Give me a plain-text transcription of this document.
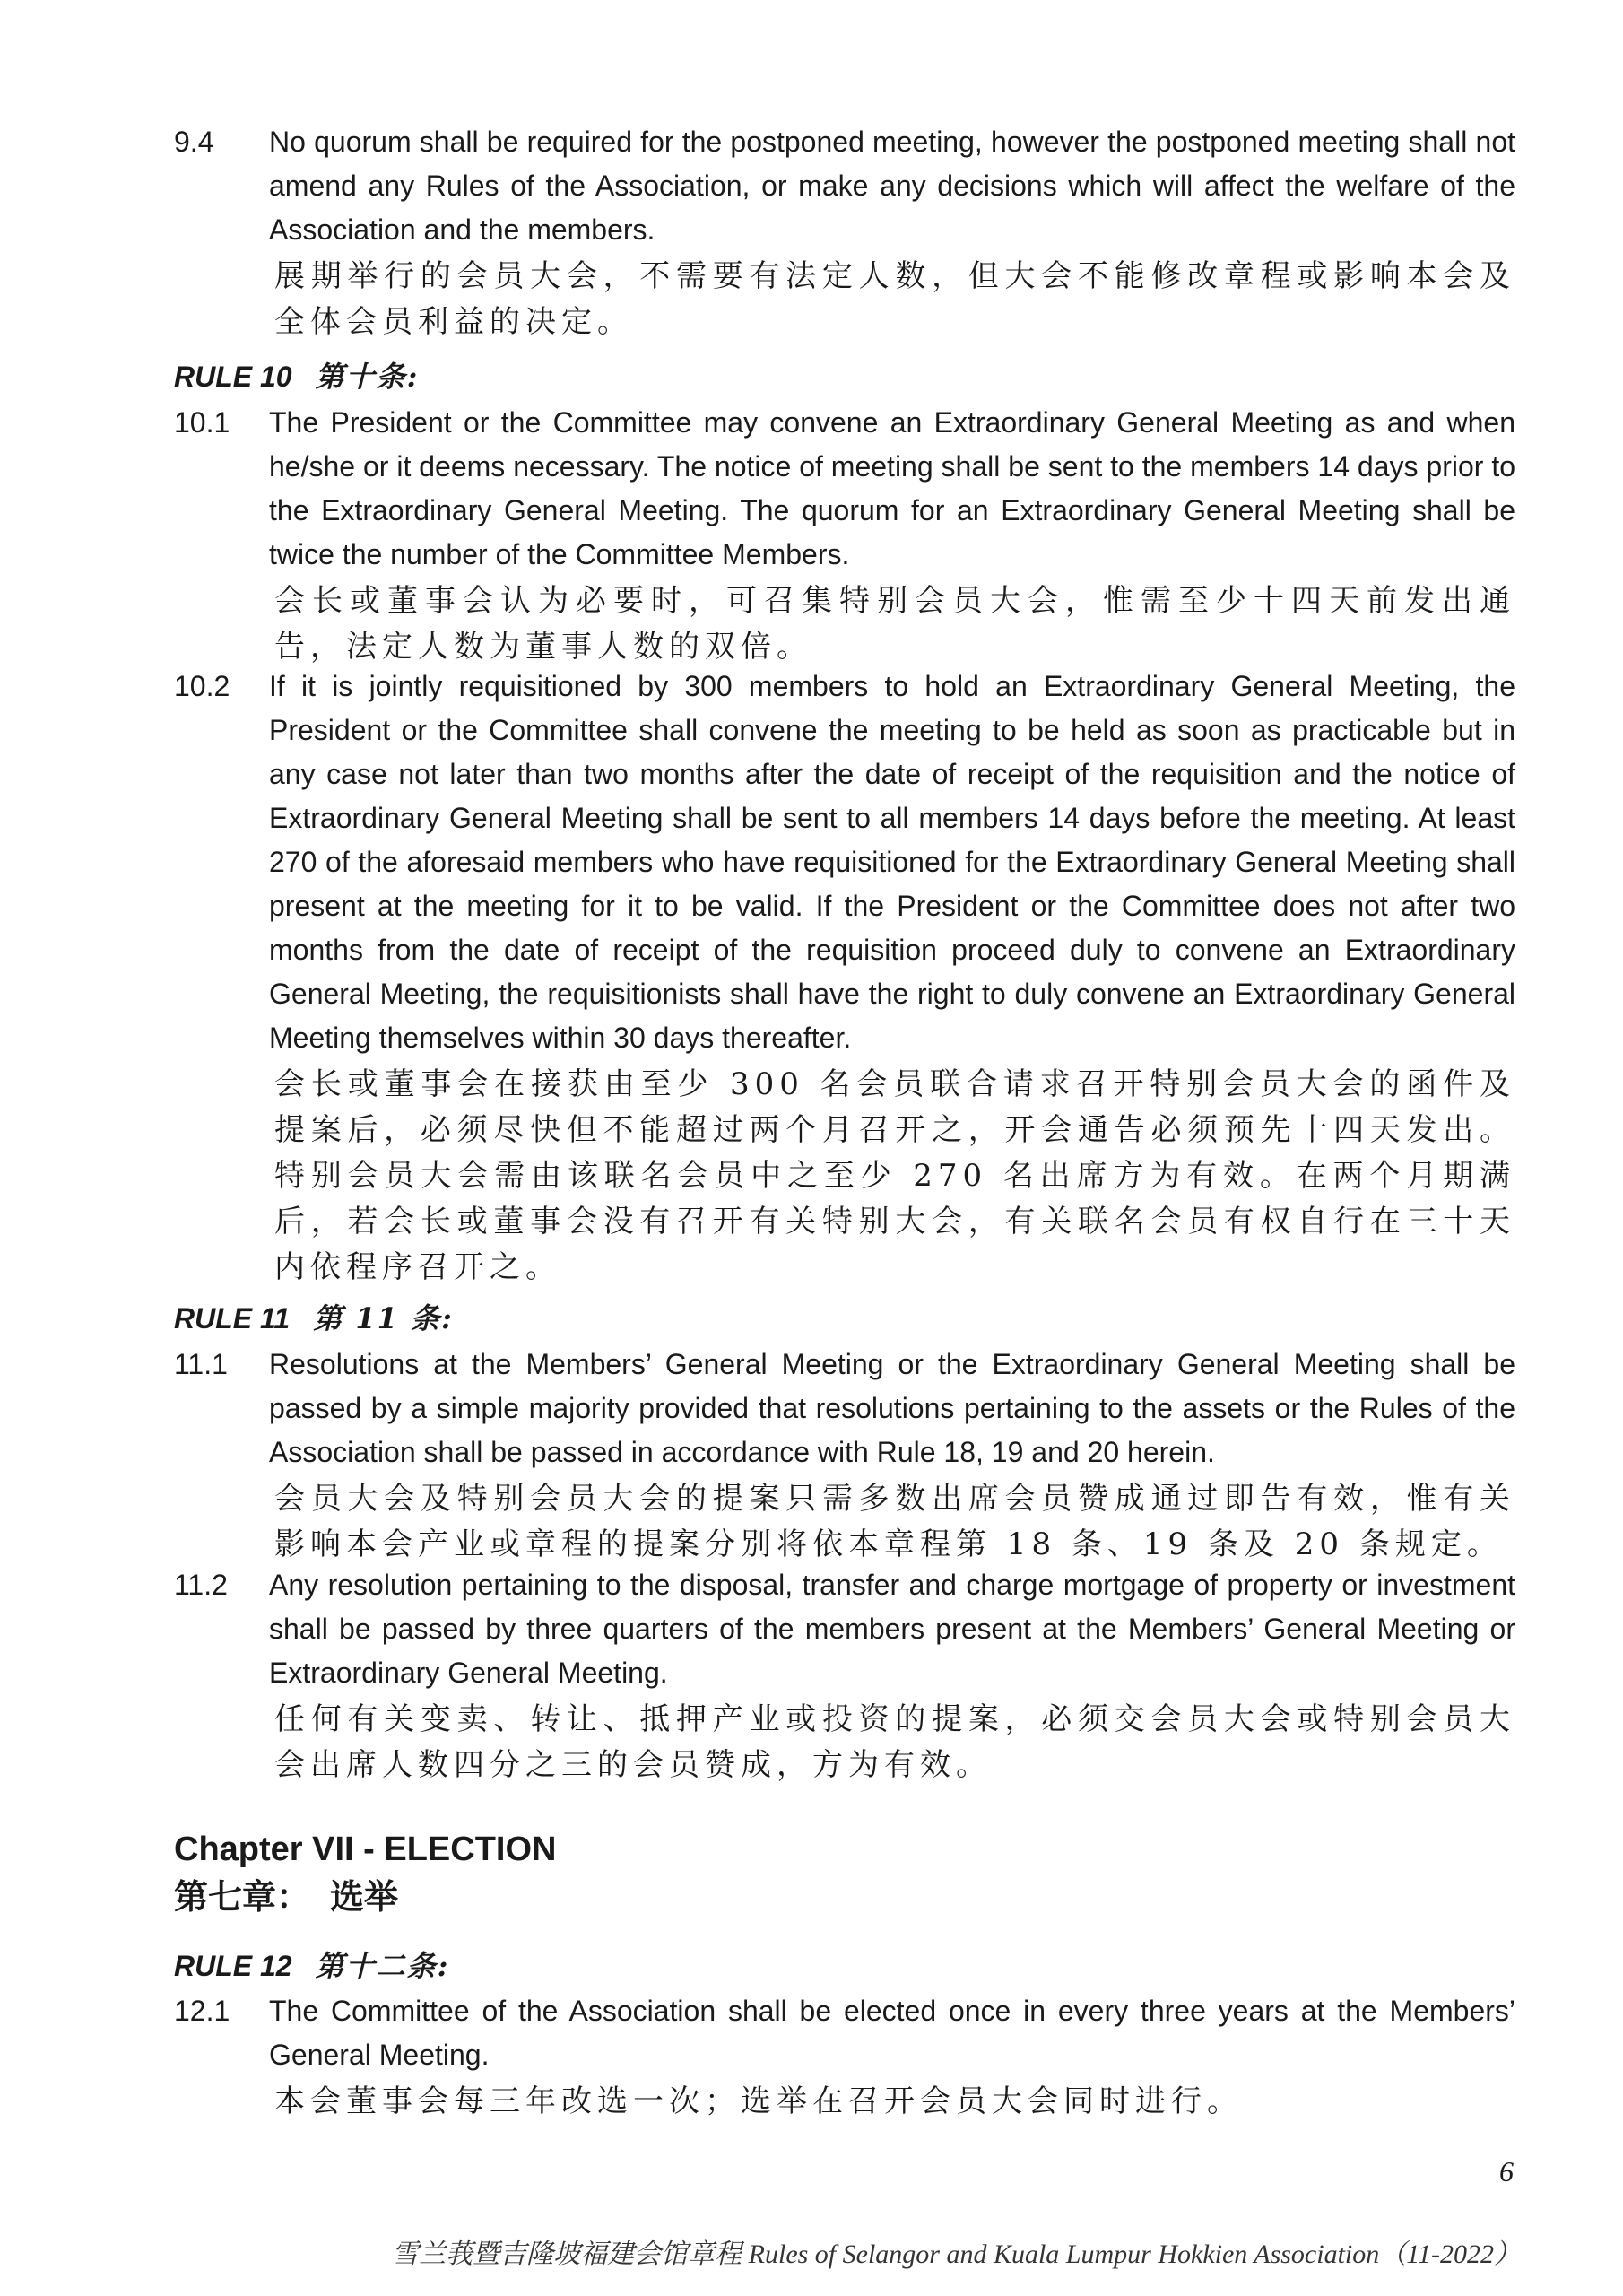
9.4	No quorum shall be required for the postponed meeting, however the postponed meeting shall not amend any Rules of the Association, or make any decisions which will affect the welfare of the Association and the members.
展期举行的会员大会，不需要有法定人数，但大会不能修改章程或影响本会及全体会员利益的决定。
RULE 10 第十条:
10.1	The President or the Committee may convene an Extraordinary General Meeting as and when he/she or it deems necessary. The notice of meeting shall be sent to the members 14 days prior to the Extraordinary General Meeting. The quorum for an Extraordinary General Meeting shall be twice the number of the Committee Members.
会长或董事会认为必要时，可召集特别会员大会，惟需至少十四天前发出通告，法定人数为董事人数的双倍。
10.2	If it is jointly requisitioned by 300 members to hold an Extraordinary General Meeting, the President or the Committee shall convene the meeting to be held as soon as practicable but in any case not later than two months after the date of receipt of the requisition and the notice of Extraordinary General Meeting shall be sent to all members 14 days before the meeting. At least 270 of the aforesaid members who have requisitioned for the Extraordinary General Meeting shall present at the meeting for it to be valid. If the President or the Committee does not after two months from the date of receipt of the requisition proceed duly to convene an Extraordinary General Meeting, the requisitionists shall have the right to duly convene an Extraordinary General Meeting themselves within 30 days thereafter.
会长或董事会在接获由至少 300 名会员联合请求召开特别会员大会的函件及提案后，必须尽快但不能超过两个月召开之，开会通告必须预先十四天发出。特别会员大会需由该联名会员中之至少 270 名出席方为有效。在两个月期满后，若会长或董事会没有召开有关特别大会，有关联名会员有权自行在三十天内依程序召开之。
RULE 11 第 11 条:
11.1	Resolutions at the Members’ General Meeting or the Extraordinary General Meeting shall be passed by a simple majority provided that resolutions pertaining to the assets or the Rules of the Association shall be passed in accordance with Rule 18, 19 and 20 herein.
会员大会及特别会员大会的提案只需多数出席会员赞成通过即告有效，惟有关影响本会产业或章程的提案分别将依本章程第 18 条、19 条及 20 条规定。
11.2	Any resolution pertaining to the disposal, transfer and charge mortgage of property or investment shall be passed by three quarters of the members present at the Members’ General Meeting or Extraordinary General Meeting.
任何有关变卖、转让、抵押产业或投资的提案，必须交会员大会或特别会员大会出席人数四分之三的会员赞成，方为有效。
Chapter VII - ELECTION
第七章： 选举
RULE 12 第十二条:
12.1	The Committee of the Association shall be elected once in every three years at the Members’ General Meeting.
本会董事会每三年改选一次；选举在召开会员大会同时进行。
6
雪兰莪暨吉隆坡福建会馆章程 Rules of Selangor and Kuala Lumpur Hokkien Association（11-2022）
